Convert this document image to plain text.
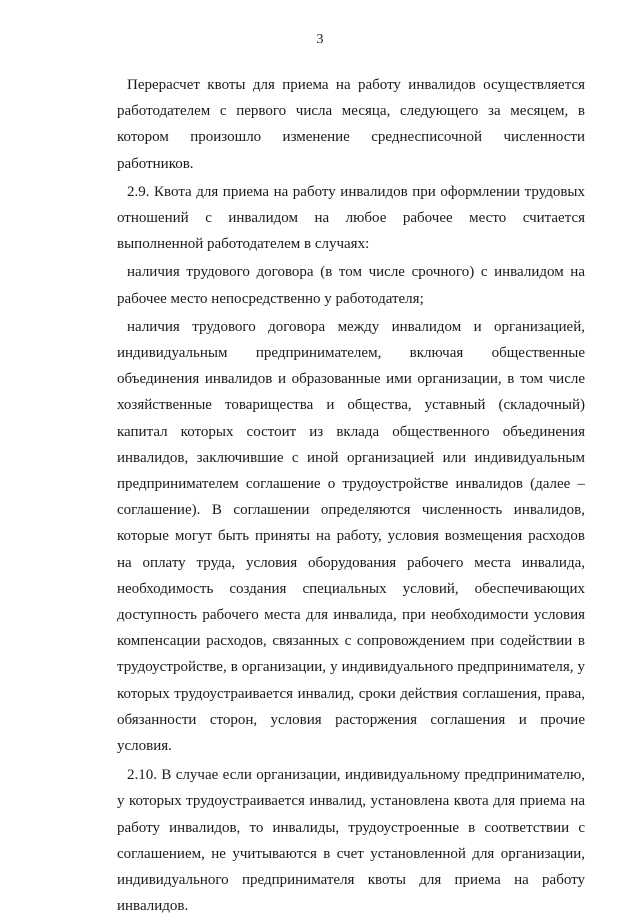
3

Перерасчет квоты для приема на работу инвалидов осуществляется работодателем с первого числа месяца, следующего за месяцем, в котором произошло изменение среднесписочной численности работников.

2.9. Квота для приема на работу инвалидов при оформлении трудовых отношений с инвалидом на любое рабочее место считается выполненной работодателем в случаях:

наличия трудового договора (в том числе срочного) с инвалидом на рабочее место непосредственно у работодателя;

наличия трудового договора между инвалидом и организацией, индивидуальным предпринимателем, включая общественные объединения инвалидов и образованные ими организации, в том числе хозяйственные товарищества и общества, уставный (складочный) капитал которых состоит из вклада общественного объединения инвалидов, заключившие с иной организацией или индивидуальным предпринимателем соглашение о трудоустройстве инвалидов (далее – соглашение). В соглашении определяются численность инвалидов, которые могут быть приняты на работу, условия возмещения расходов на оплату труда, условия оборудования рабочего места инвалида, необходимость создания специальных условий, обеспечивающих доступность рабочего места для инвалида, при необходимости условия компенсации расходов, связанных с сопровождением при содействии в трудоустройстве, в организации, у индивидуального предпринимателя, у которых трудоустраивается инвалид, сроки действия соглашения, права, обязанности сторон, условия расторжения соглашения и прочие условия.

2.10. В случае если организации, индивидуальному предпринимателю, у которых трудоустраивается инвалид, установлена квота для приема на работу инвалидов, то инвалиды, трудоустроенные в соответствии с соглашением, не учитываются в счет установленной для организации, индивидуального предпринимателя квоты для приема на работу инвалидов.
